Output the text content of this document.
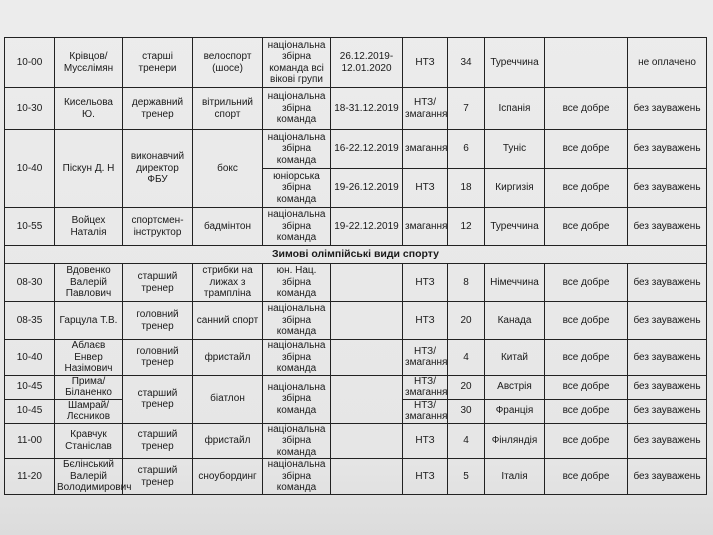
10-00	Крівцов/ Мусєлімян	старші тренери	велоспорт (шосе)	національна збірна команда всі вікові групи	26.12.2019-12.01.2020	НТЗ	34	Туреччина		не оплачено
10-30	Кисельова Ю.	державний тренер	вітрильний спорт	національна збірна команда	18-31.12.2019	НТЗ/ змагання	7	Іспанія	все добре	без зауважень
10-40	Піскун Д. Н	виконавчий директор ФБУ	бокс	національна збірна команда	16-22.12.2019	змагання	6	Туніс	все добре	без зауважень
				юніорська збірна команда	19-26.12.2019	НТЗ	18	Киргизія	все добре	без зауважень
10-55	Войцех Наталія	спортсмен-інструктор	бадмінтон	національна збірна команда	19-22.12.2019	змагання	12	Туреччина	все добре	без зауважень
Зимові олімпійські види спорту										
08-30	Вдовенко Валерій Павлович	старший тренер	стрибки на лижах з трампліна	юн. Нац. збірна команда		НТЗ	8	Німеччина	все добре	без зауважень
08-35	Гарцула Т.В.	головний тренер	санний спорт	національна збірна команда		НТЗ	20	Канада	все добре	без зауважень
10-40	Аблаєв Енвер Назімович	головний тренер	фристайл	національна збірна команда		НТЗ/ змагання	4	Китай	все добре	без зауважень
10-45	Прима/ Біланенко	старший тренер	біатлон	національна збірна команда		НТЗ/ змагання	20	Австрія	все добре	без зауважень
10-45	Шамрай/ Лєсников					НТЗ/ змагання	30	Франція	все добре	без зауважень
11-00	Кравчук Станіслав	старший тренер	фристайл	національна збірна команда		НТЗ	4	Фінляндія	все добре	без зауважень
11-20	Бєлінський Валерій Володимирович	старший тренер	сноубординг	національна збірна команда		НТЗ	5	Італія	все добре	без зауважень
